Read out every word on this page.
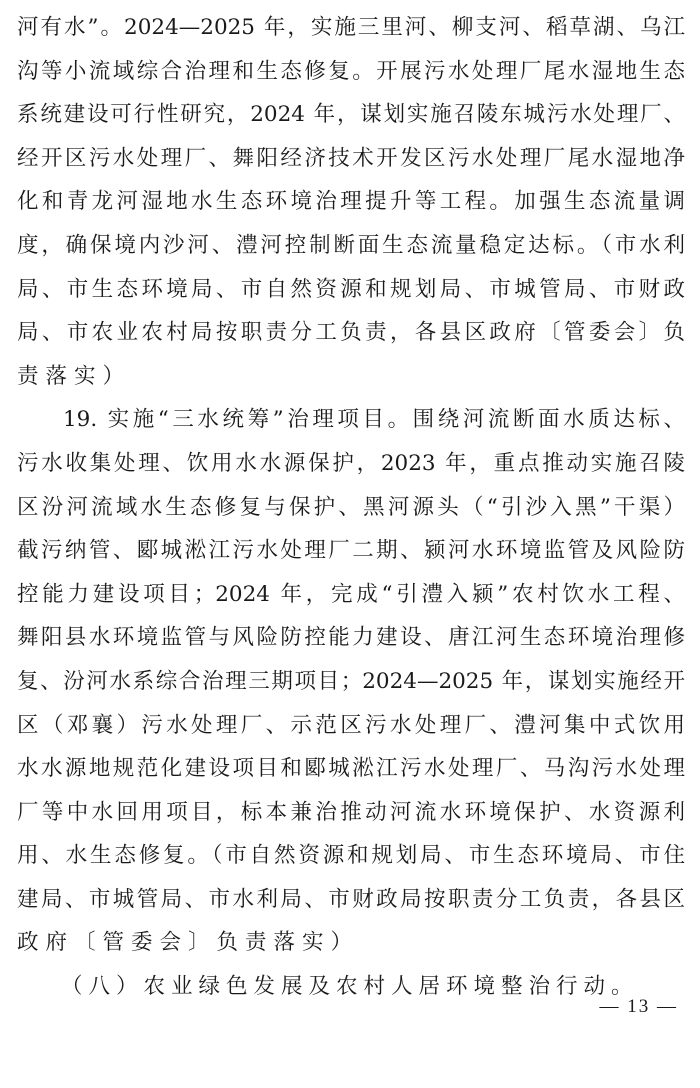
河有水”。2024—2025 年，实施三里河、柳支河、稻草湖、乌江
沟等小流域综合治理和生态修复。开展污水处理厂尾水湿地生态
系统建设可行性研究，2024 年，谋划实施召陵东城污水处理厂、
经开区污水处理厂、舞阳经济技术开发区污水处理厂尾水湿地净
化和青龙河湿地水生态环境治理提升等工程。加强生态流量调
度，确保境内沙河、澧河控制断面生态流量稳定达标。（市水利
局、市生态环境局、市自然资源和规划局、市城管局、市财政
局、市农业农村局按职责分工负责，各县区政府〔管委会〕负
责落实）
19. 实施“三水统筹”治理项目。围绕河流断面水质达标、
污水收集处理、饮用水水源保护，2023 年，重点推动实施召陵
区汾河流域水生态修复与保护、黑河源头（“引沙入黑”干渠）
截污纳管、郾城淞江污水处理厂二期、颍河水环境监管及风险防
控能力建设项目；2024 年，完成“引澧入颍”农村饮水工程、
舞阳县水环境监管与风险防控能力建设、唐江河生态环境治理修
复、汾河水系综合治理三期项目；2024—2025 年，谋划实施经开
区（邓襄）污水处理厂、示范区污水处理厂、澧河集中式饮用
水水源地规范化建设项目和郾城淞江污水处理厂、马沟污水处理
厂等中水回用项目，标本兼治推动河流水环境保护、水资源利
用、水生态修复。（市自然资源和规划局、市生态环境局、市住
建局、市城管局、市水利局、市财政局按职责分工负责，各县区
政府〔管委会〕负责落实）
（八）农业绿色发展及农村人居环境整治行动。
— 13 —
